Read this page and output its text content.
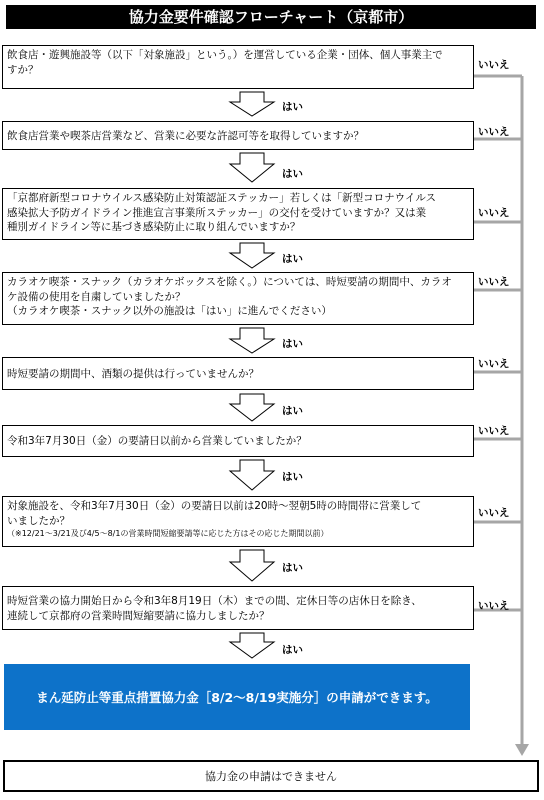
協力金要件確認フローチャート（京都市）
飲食店・遊興施設等（以下「対象施設」という。）を運営している企業・団体、個人事業主で
すか？
飲食店営業や喫茶店営業など、営業に必要な許認可等を取得していますか？
「京都府新型コロナウイルス感染防止対策認証ステッカー」若しくは「新型コロナウイルス
感染拡大予防ガイドライン推進宣言事業所ステッカー」の交付を受けていますか？又は業
種別ガイドライン等に基づき感染防止に取り組んでいますか？
カラオケ喫茶・スナック（カラオケボックスを除く。）については、時短要請の期間中、カラオ
ケ設備の使用を自粛していましたか？
（カラオケ喫茶・スナック以外の施設は「はい」に進んでください）
時短要請の期間中、酒類の提供は行っていませんか？
令和3年7月30日（金）の要請日以前から営業していましたか？
対象施設を、令和3年7月30日（金）の要請日以前は20時～翌朝5時の時間帯に営業して
いましたか？
（※12/21～3/21及び4/5～8/1の営業時間短縮要請等に応じた方はその応じた期間以前）
時短営業の協力開始日から令和3年8月19日（木）までの間、定休日等の店休日を除き、
連続して京都府の営業時間短縮要請に協力しましたか？
はい
はい
はい
はい
はい
はい
はい
はい
いいえ
いいえ
いいえ
いいえ
いいえ
いいえ
いいえ
いいえ
まん延防止等重点措置協力金［8/2～8/19実施分］の申請ができます。
協力金の申請はできません
